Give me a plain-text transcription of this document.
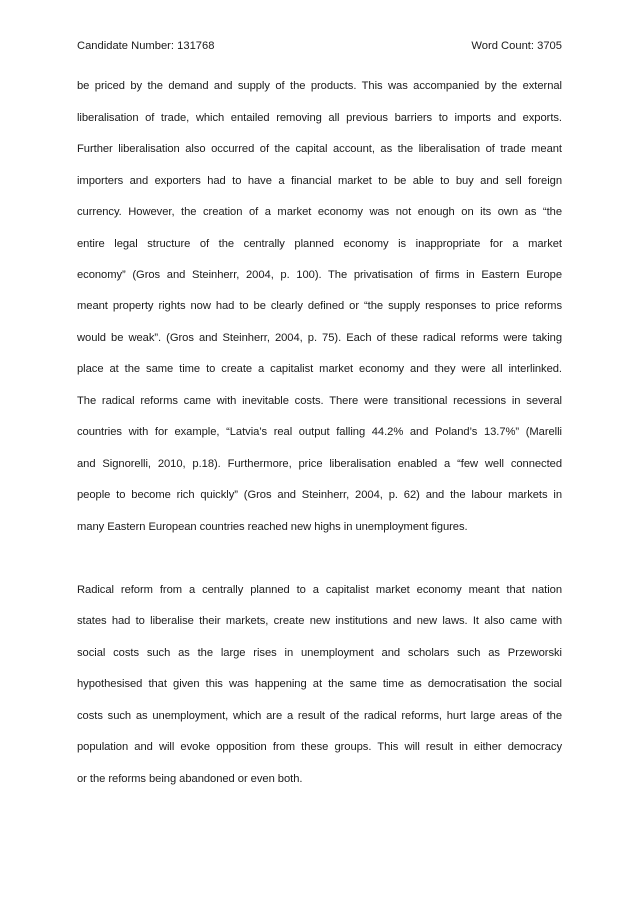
Candidate Number: 131768	Word Count: 3705
be priced by the demand and supply of the products. This was accompanied by the external
liberalisation of trade, which entailed removing all previous barriers to imports and exports.
Further liberalisation also occurred of the capital account, as the liberalisation of trade meant
importers and exporters had to have a financial market to be able to buy and sell foreign
currency. However, the creation of a market economy was not enough on its own as “the
entire legal structure of the centrally planned economy is inappropriate for a market
economy” (Gros and Steinherr, 2004, p. 100). The privatisation of firms in Eastern Europe
meant property rights now had to be clearly defined or “the supply responses to price reforms
would be weak”. (Gros and Steinherr, 2004, p. 75). Each of these radical reforms were taking
place at the same time to create a capitalist market economy and they were all interlinked.
The radical reforms came with inevitable costs. There were transitional recessions in several
countries with for example, “Latvia’s real output falling 44.2% and Poland’s 13.7%” (Marelli
and Signorelli, 2010, p.18). Furthermore, price liberalisation enabled a “few well connected
people to become rich quickly” (Gros and Steinherr, 2004, p. 62) and the labour markets in
many Eastern European countries reached new highs in unemployment figures.
Radical reform from a centrally planned to a capitalist market economy meant that nation
states had to liberalise their markets, create new institutions and new laws. It also came with
social costs such as the large rises in unemployment and scholars such as Przeworski
hypothesised that given this was happening at the same time as democratisation the social
costs such as unemployment, which are a result of the radical reforms, hurt large areas of the
population and will evoke opposition from these groups. This will result in either democracy
or the reforms being abandoned or even both.
